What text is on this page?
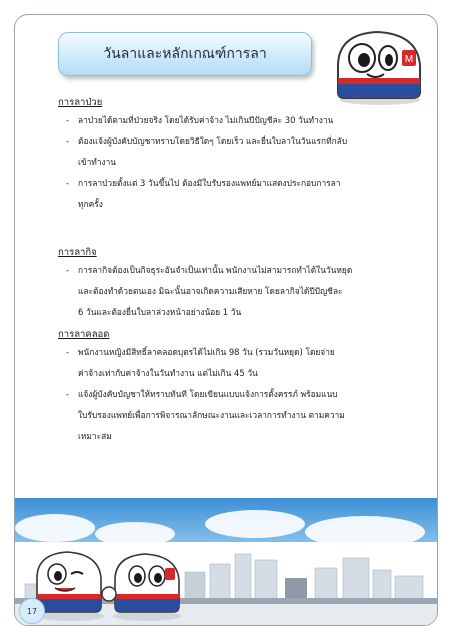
วันลาและหลักเกณฑ์การลา	M

การลาป่วย

- ลาป่วยได้ตามที่ป่วยจริง โดยได้รับค่าจ้าง ไม่เกินปีปัญชีละ 30 วันทำงาน
- ต้องแจ้งผู้บังคับบัญชาทราบโดยวิธีใดๆ โดยเร็ว และยื่นใบลาในวันแรกที่กลับ
เข้าทำงาน
- การลาป่วยตั้งแต่ 3 วันขึ้นไป ต้องมีใบรับรองแพทย์มาแสดงประกอบการลา
ทุกครั้ง

การลากิจ

- การลากิจต้องเป็นกิจธุระอันจำเป็นเท่านั้น พนักงานไม่สามารถทำได้ในวันหยุด
และต้องทำด้วยตนเอง มิฉะนั้นอาจเกิดความเสียหาย โดยลากิจได้ปีปัญชีละ
6 วันและต้องยื่นใบลาล่วงหน้าอย่างน้อย 1 วัน

การลาคลอด

- พนักงานหญิงมีสิทธิ์ลาคลอดบุตรได้ไม่เกิน 98 วัน (รวมวันหยุด) โดยจ่าย
ค่าจ้างเท่ากับค่าจ้างในวันทำงาน แต่ไม่เกิน 45 วัน
- แจ้งผู้บังคับบัญชาให้ทราบทันที โดยเขียนแบบแจ้งการตั้งครรภ์ พร้อมแนบ
ใบรับรองแพทย์เพื่อการพิจารณาลักษณะงานและเวลาการทำงาน ตามความ
เหมาะสม
17
